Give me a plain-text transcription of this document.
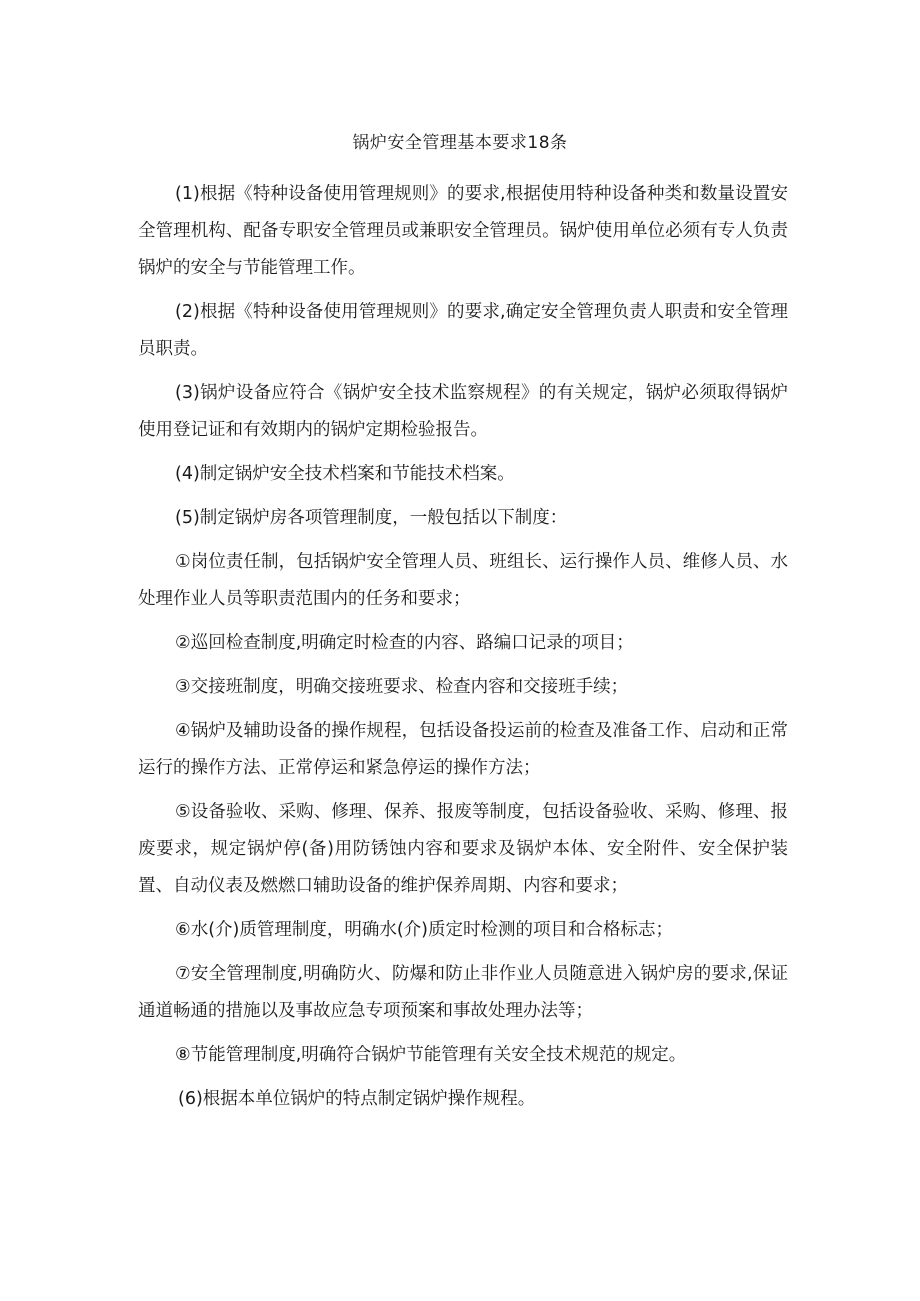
锅炉安全管理基本要求18条

(1)根据《特种设备使用管理规则》的要求,根据使用特种设备种类和数量设置安全管理机构、配备专职安全管理员或兼职安全管理员。锅炉使用单位必须有专人负责锅炉的安全与节能管理工作。

(2)根据《特种设备使用管理规则》的要求,确定安全管理负责人职责和安全管理员职责。

(3)锅炉设备应符合《锅炉安全技术监察规程》的有关规定，锅炉必须取得锅炉使用登记证和有效期内的锅炉定期检验报告。

(4)制定锅炉安全技术档案和节能技术档案。

(5)制定锅炉房各项管理制度，一般包括以下制度：

①岗位责任制，包括锅炉安全管理人员、班组长、运行操作人员、维修人员、水处理作业人员等职责范围内的任务和要求；

②巡回检查制度,明确定时检查的内容、路编口记录的项目；

③交接班制度，明确交接班要求、检查内容和交接班手续；

④锅炉及辅助设备的操作规程，包括设备投运前的检查及准备工作、启动和正常运行的操作方法、正常停运和紧急停运的操作方法；

⑤设备验收、采购、修理、保养、报废等制度，包括设备验收、采购、修理、报废要求，规定锅炉停(备)用防锈蚀内容和要求及锅炉本体、安全附件、安全保护装置、自动仪表及燃燃口辅助设备的维护保养周期、内容和要求；

⑥水(介)质管理制度，明确水(介)质定时检测的项目和合格标志；

⑦安全管理制度,明确防火、防爆和防止非作业人员随意进入锅炉房的要求,保证通道畅通的措施以及事故应急专项预案和事故处理办法等；

⑧节能管理制度,明确符合锅炉节能管理有关安全技术规范的规定。

(6)根据本单位锅炉的特点制定锅炉操作规程。
